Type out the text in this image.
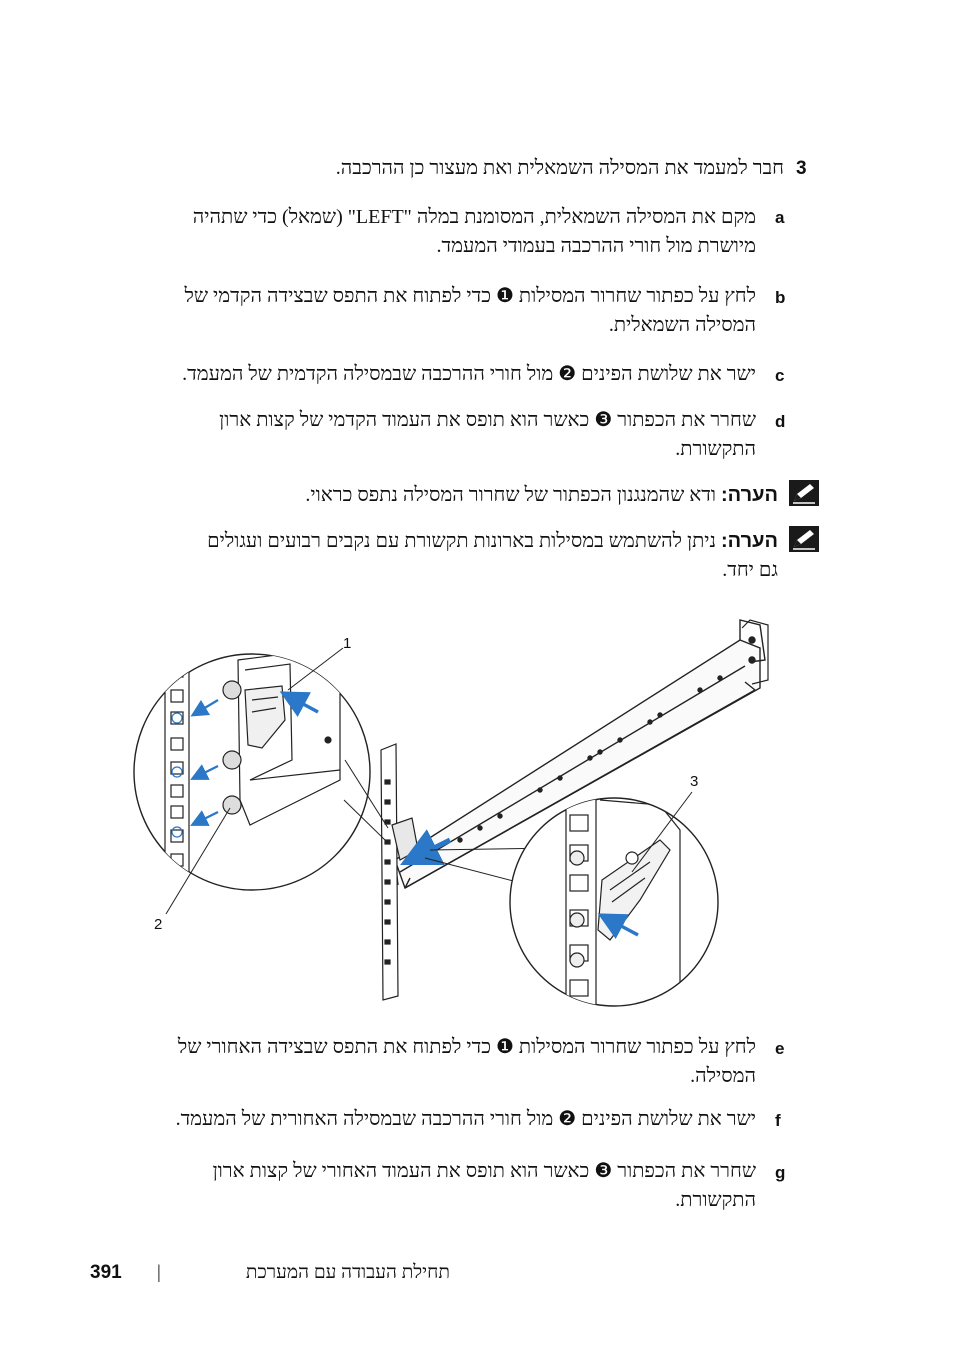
3
חבר למעמד את המסילה השמאלית ואת מעצור כן ההרכבה.
a
מקם את המסילה השמאלית, המסומנת במלה "LEFT" (שמאל) כדי שתהיה
מיושרת מול חורי ההרכבה בעמודי המעמד.
b
לחץ על כפתור שחרור המסילות ❶ כדי לפתוח את התפס שבצידה הקדמי של
המסילה השמאלית.
c
ישר את שלושת הפינים ❷ מול חורי ההרכבה שבמסילה הקדמית של המעמד.
d
שחרר את הכפתור ❸ כאשר הוא תופס את העמוד הקדמי של קצות ארון
התקשורת.
הערה: ודא שהמנגנון הכפתור של שחרור המסילה נתפס כראוי.
הערה: ניתן להשתמש במסילות בארונות תקשורת עם נקבים רבועים ועגולים
גם יחד.
1
2
3
e
לחץ על כפתור שחרור המסילות ❶ כדי לפתוח את התפס שבצידה האחורי של
המסילה.
f
ישר את שלושת הפינים ❷ מול חורי ההרכבה שבמסילה האחורית של המעמד.
g
שחרר את הכפתור ❸ כאשר הוא תופס את העמוד האחורי של קצות ארון
התקשורת.
תחילת העבודה עם המערכת
|
391
